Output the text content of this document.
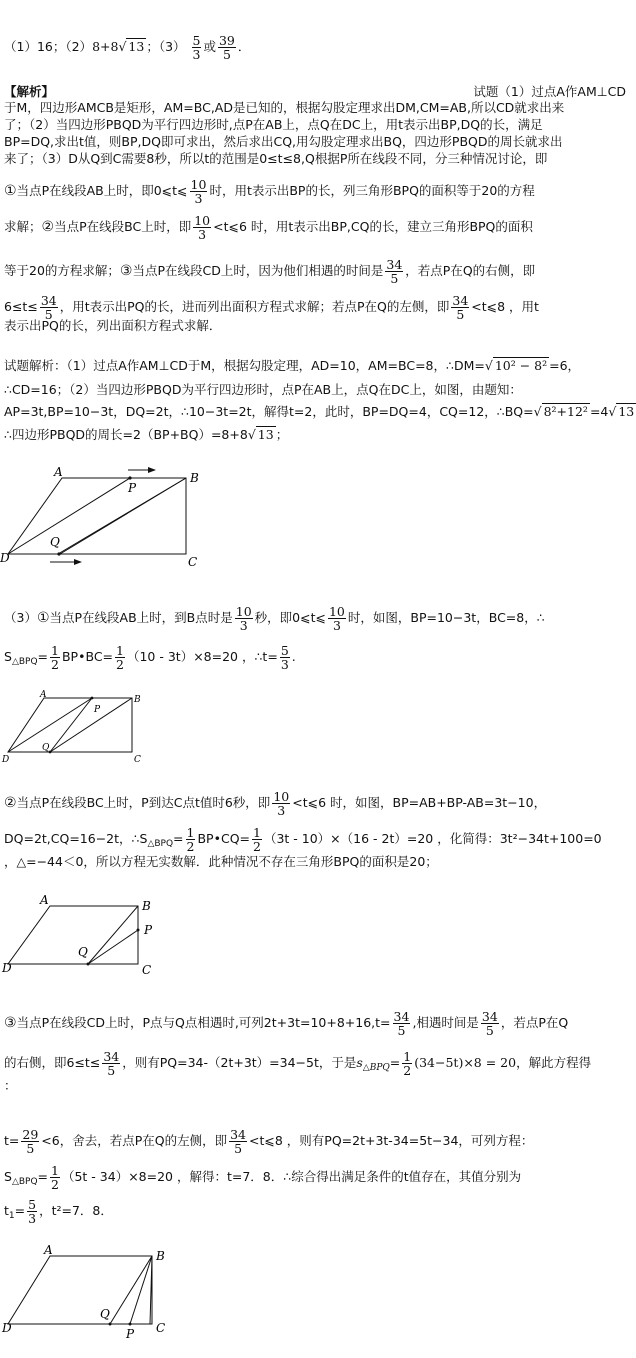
（1）16；（2）8+8√ 13 ；$(3) \frac{5}{3}$ 或 $\frac{39}{5}$ ．
【解析】	试题（1）过点A作AM⊥CD
于M，四边形AMCB是矩形，AM=BC,AD是已知的，根据勾股定理求出DM,CM=AB,所以CD就求出来
了；（2）当四边形PBQD为平行四边形时,点P在AB上，点Q在DC上，用t表示出BP,DQ的长，满足
BP=DQ,求出t值，则BP,DQ即可求出，然后求出CQ,用勾股定理求出BQ，四边形PBQD的周长就求出
来了；（3）D从Q到C需要8秒，所以t的范围是0≤t≤8,Q根据P所在线段不同，分三种情况讨论，即
①当点P在线段AB上时，即0⩽t⩽ $\frac{10}{3}$ 时，用t表示出BP的长，列三角形BPQ的面积等于20的方程
求解；②当点P在线段BC上时，即 $\frac{10}{3}$ <t⩽6 时，用t表示出BP,CQ的长，建立三角形BPQ的面积
等于20的方程求解；③当点P在线段CD上时，因为他们相遇的时间是 $\frac{34}{5}$ ，若点P在Q的右侧，即
$6\le t\le \frac{34}{5}$ ，用t表示出PQ的长，进而列出面积方程式求解；若点P在Q的左侧，即 $\frac{34}{5}$ <t⩽8 ，用t
表示出PQ的长，列出面积方程式求解．
试题解析：（1）过点A作AM⊥CD于M，根据勾股定理，AD=10，AM=BC=8，∴DM=√ 10² − 8² =6，
∴CD=16；（2）当四边形PBQD为平行四边形时，点P在AB上，点Q在DC上，如图，由题知：
AP=3t,BP=10−3t，DQ=2t，∴10−3t=2t，解得t=2，此时，BP=DQ=4，CQ=12，∴BQ=√ 8²+12² =4√ 13
∴四边形PBQD的周长=2（BP+BQ）=8+8√ 13 ；
A	B
C
D
P
Q
（3）①当点P在线段AB上时，到B点时是 $\frac{10}{3}$ 秒，即0⩽t⩽ $\frac{10}{3}$ 时，如图，BP=10−3t，BC=8，∴
$S_{\triangle BPQ}= \frac{1}{2}$ BP•BC= $\frac{1}{2} (10 - 3t)\times 8=20$ ，∴t= $\frac{5}{3}$ .
A	B
C
D
P
Q
②当点P在线段BC上时，P到达C点t值时6秒，即 $\frac{10}{3}$ <t⩽6 时，如图，BP=AB+BP-AB=3t−10，
DQ=2t,CQ=16−2t，$\therefore S_{\triangle BPQ}= \frac{1}{2}$ BP•CQ= $\frac{1}{2} (3t - 10)\times(16 - 2t)=20$ ，化简得：3t²−34t+100=0
，△=−44＜0，所以方程无实数解．此种情况不存在三角形BPQ的面积是20；
A	B
C
D
P
Q
③当点P在线段CD上时，P点与Q点相遇时,可列$2t+3t=10+8+16,t= \frac{34}{5}$ ,相遇时间是 $\frac{34}{5}$ ，若点P在Q
的右侧，即$6\le t\le \frac{34}{5}$ ，则有PQ=34-（2t+3t）=34−5t，于是$s_{\triangle BPQ}= \frac{1}{2} (34-5t)\times 8 = 20$，解此方程得
：
$t= \frac{29}{5} <6$，舍去，若点P在Q的左侧，即 $\frac{34}{5}$ <t⩽8 ，则有PQ=2t+3t-34=5t−34，可列方程：
$S_{\triangle BPQ}= \frac{1}{2} (5t - 34)\times 8=20$ ，解得：t=7．8．∴综合得出满足条件的t值存在，其值分别为
$t_1= \frac{5}{3}$ ，t²=7．8．
A	B
C
D	P
Q
